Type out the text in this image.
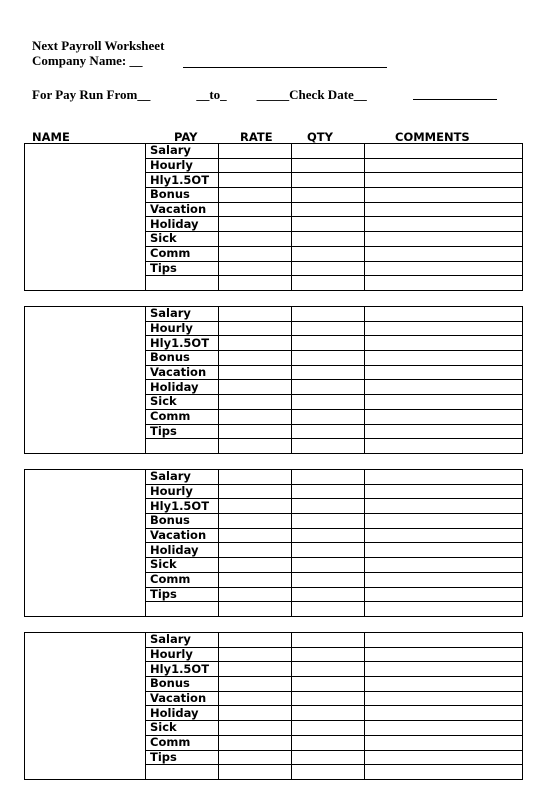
Next Payroll Worksheet
Company Name: __
For Pay Run From__	__to_ _____Check Date__
NAME	PAY	RATE	QTY	COMMENTS
	Salary			
	Hourly			
	Hly1.5OT			
	Bonus			
	Vacation			
	Holiday			
	Sick			
	Comm			
	Tips			

	Salary			
	Hourly			
	Hly1.5OT			
	Bonus			
	Vacation			
	Holiday			
	Sick			
	Comm			
	Tips			

	Salary			
	Hourly			
	Hly1.5OT			
	Bonus			
	Vacation			
	Holiday			
	Sick			
	Comm			
	Tips			

	Salary			
	Hourly			
	Hly1.5OT			
	Bonus			
	Vacation			
	Holiday			
	Sick			
	Comm			
	Tips			
